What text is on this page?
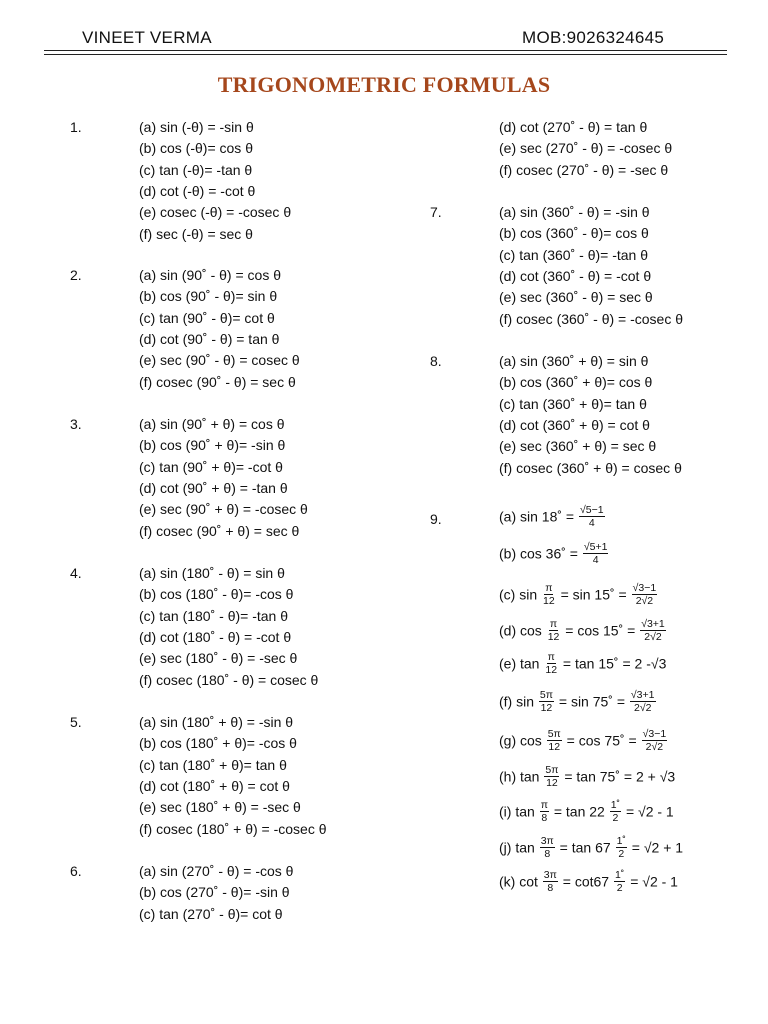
VINEET VERMA	MOB:9026324645
TRIGONOMETRIC FORMULAS
1.	(a) sin (-θ) = -sin θ
(b) cos (-θ)= cos θ
(c) tan (-θ)= -tan θ
(d) cot (-θ) = -cot θ
(e) cosec (-θ) = -cosec θ
(f) sec (-θ) = sec θ
2.	(a) sin (90˚ - θ) = cos θ
(b) cos (90˚ - θ)= sin θ
(c) tan (90˚ - θ)= cot θ
(d) cot (90˚ - θ) = tan θ
(e) sec (90˚ - θ) = cosec θ
(f) cosec (90˚ - θ) = sec θ
3.	(a) sin (90˚ + θ) = cos θ
(b) cos (90˚ + θ)= -sin θ
(c) tan (90˚ + θ)= -cot θ
(d) cot (90˚ + θ) = -tan θ
(e) sec (90˚ + θ) = -cosec θ
(f) cosec (90˚ + θ) = sec θ
4.	(a) sin (180˚ - θ) = sin θ
(b) cos (180˚ - θ)= -cos θ
(c) tan (180˚ - θ)= -tan θ
(d) cot (180˚ - θ) = -cot θ
(e) sec (180˚ - θ) = -sec θ
(f) cosec (180˚ - θ) = cosec θ
5.	(a) sin (180˚ + θ) = -sin θ
(b) cos (180˚ + θ)= -cos θ
(c) tan (180˚ + θ)= tan θ
(d) cot (180˚ + θ) = cot θ
(e) sec (180˚ + θ) = -sec θ
(f) cosec (180˚ + θ) = -cosec θ
6.	(a) sin (270˚ - θ) = -cos θ
(b) cos (270˚ - θ)= -sin θ
(c) tan (270˚ - θ)= cot θ
(d) cot (270˚ - θ) = tan θ
(e) sec (270˚ - θ) = -cosec θ
(f) cosec (270˚ - θ) = -sec θ
7.	(a) sin (360˚ - θ) = -sin θ
(b) cos (360˚ - θ)= cos θ
(c) tan (360˚ - θ)= -tan θ
(d) cot (360˚ - θ) = -cot θ
(e) sec (360˚ - θ) = sec θ
(f) cosec (360˚ - θ) = -cosec θ
8.	(a) sin (360˚ + θ) = sin θ
(b) cos (360˚ + θ)= cos θ
(c) tan (360˚ + θ)= tan θ
(d) cot (360˚ + θ) = cot θ
(e) sec (360˚ + θ) = sec θ
(f) cosec (360˚ + θ) = cosec θ
9.	(a) sin 18˚ = $\frac{√5-1}{4}$
(b) cos 36˚ = $\frac{√5+1}{4}$
(c) $\sin \frac{\pi}{12} = \sin$ 15˚ = $\frac{√3-1}{2√2}$
(d) $\cos \frac{\pi}{12} = \cos$ 15˚ = $\frac{√3+1}{2√2}$
(e) $\tan \frac{\pi}{12} = \tan$ 15˚ = 2 -√3
(f) $\sin \frac{5\pi}{12} = \sin$ 75˚ = $\frac{√3+1}{2√2}$
(g) $\cos \frac{5\pi}{12} = \cos$ 75˚ = $\frac{√3-1}{2√2}$
(h) $\tan \frac{5\pi}{12} = \tan$ 75˚ = 2 + √3
(i) $\tan \frac{\pi}{8} = \tan 22 \frac{1˚}{2} = √2 - 1$
(j) $\tan \frac{3\pi}{8} = \tan 67 \frac{1˚}{2} = √2 + 1$
(k) $\cot \frac{3\pi}{8} = \cot 67 \frac{1˚}{2} = √2 - 1$
